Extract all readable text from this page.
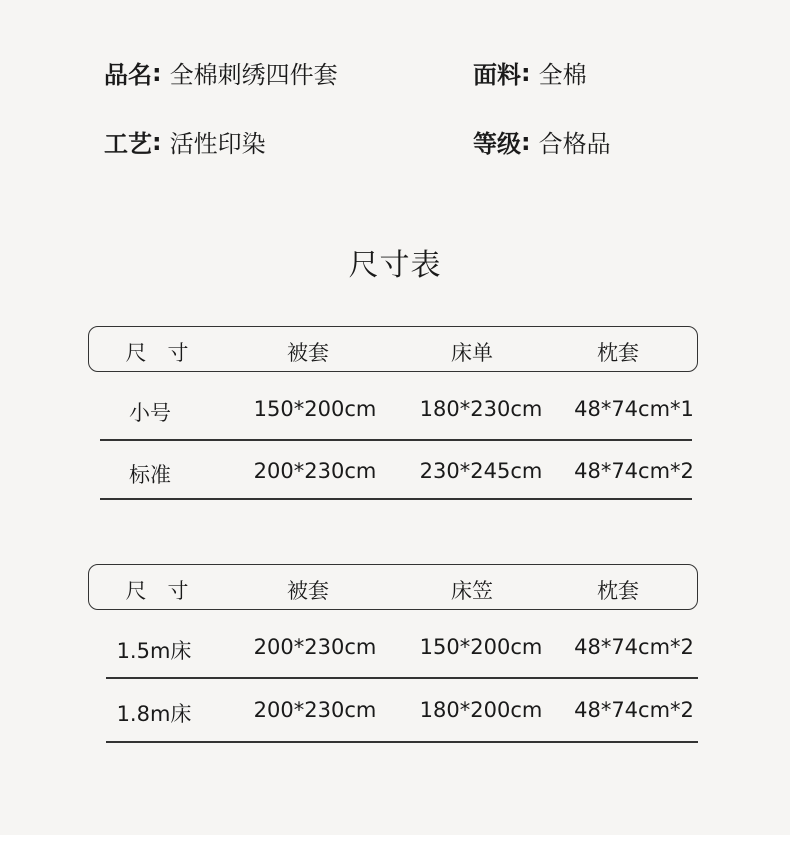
品名 : 全棉刺绣四件套	面料 : 全棉
工艺 : 活性印染	等级 : 合格品
尺寸表
尺　寸	被套	床单	枕套
小号	150*200cm 180*230cm 48*74cm*1
标准	200*230cm 230*245cm 48*74cm*2
尺　寸	被套	床笠	枕套
1.5m床	200*230cm 150*200cm 48*74cm*2
1.8m床	200*230cm 180*200cm 48*74cm*2
